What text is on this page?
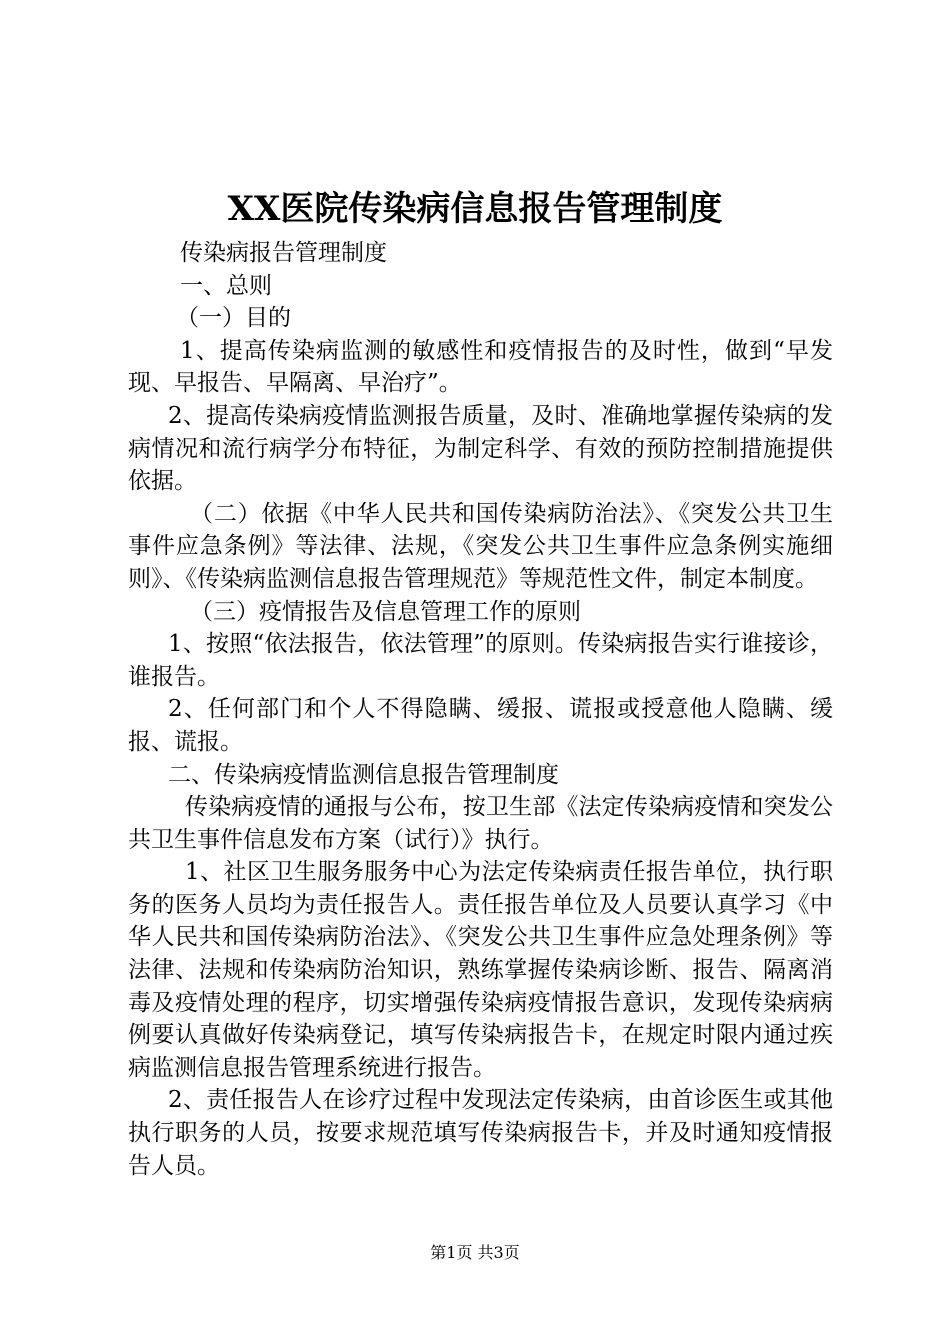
XX医院传染病信息报告管理制度

传染病报告管理制度

一、总则

（一）目的

1、提高传染病监测的敏感性和疫情报告的及时性，做到“早发现、早报告、早隔离、早治疗”。

2、提高传染病疫情监测报告质量，及时、准确地掌握传染病的发病情况和流行病学分布特征，为制定科学、有效的预防控制措施提供依据。

（二）依据《中华人民共和国传染病防治法》、《突发公共卫生事件应急条例》等法律、法规，《突发公共卫生事件应急条例实施细则》、《传染病监测信息报告管理规范》等规范性文件，制定本制度。

（三）疫情报告及信息管理工作的原则

1、按照“依法报告，依法管理”的原则。传染病报告实行谁接诊，谁报告。

2、任何部门和个人不得隐瞒、缓报、谎报或授意他人隐瞒、缓报、谎报。

二、传染病疫情监测信息报告管理制度

传染病疫情的通报与公布，按卫生部《法定传染病疫情和突发公共卫生事件信息发布方案（试行）》执行。

1、社区卫生服务服务中心为法定传染病责任报告单位，执行职务的医务人员均为责任报告人。责任报告单位及人员要认真学习《中华人民共和国传染病防治法》、《突发公共卫生事件应急处理条例》等法律、法规和传染病防治知识，熟练掌握传染病诊断、报告、隔离消毒及疫情处理的程序，切实增强传染病疫情报告意识，发现传染病病例要认真做好传染病登记，填写传染病报告卡，在规定时限内通过疾病监测信息报告管理系统进行报告。

2、责任报告人在诊疗过程中发现法定传染病，由首诊医生或其他执行职务的人员，按要求规范填写传染病报告卡，并及时通知疫情报告人员。

第1页 共3页
